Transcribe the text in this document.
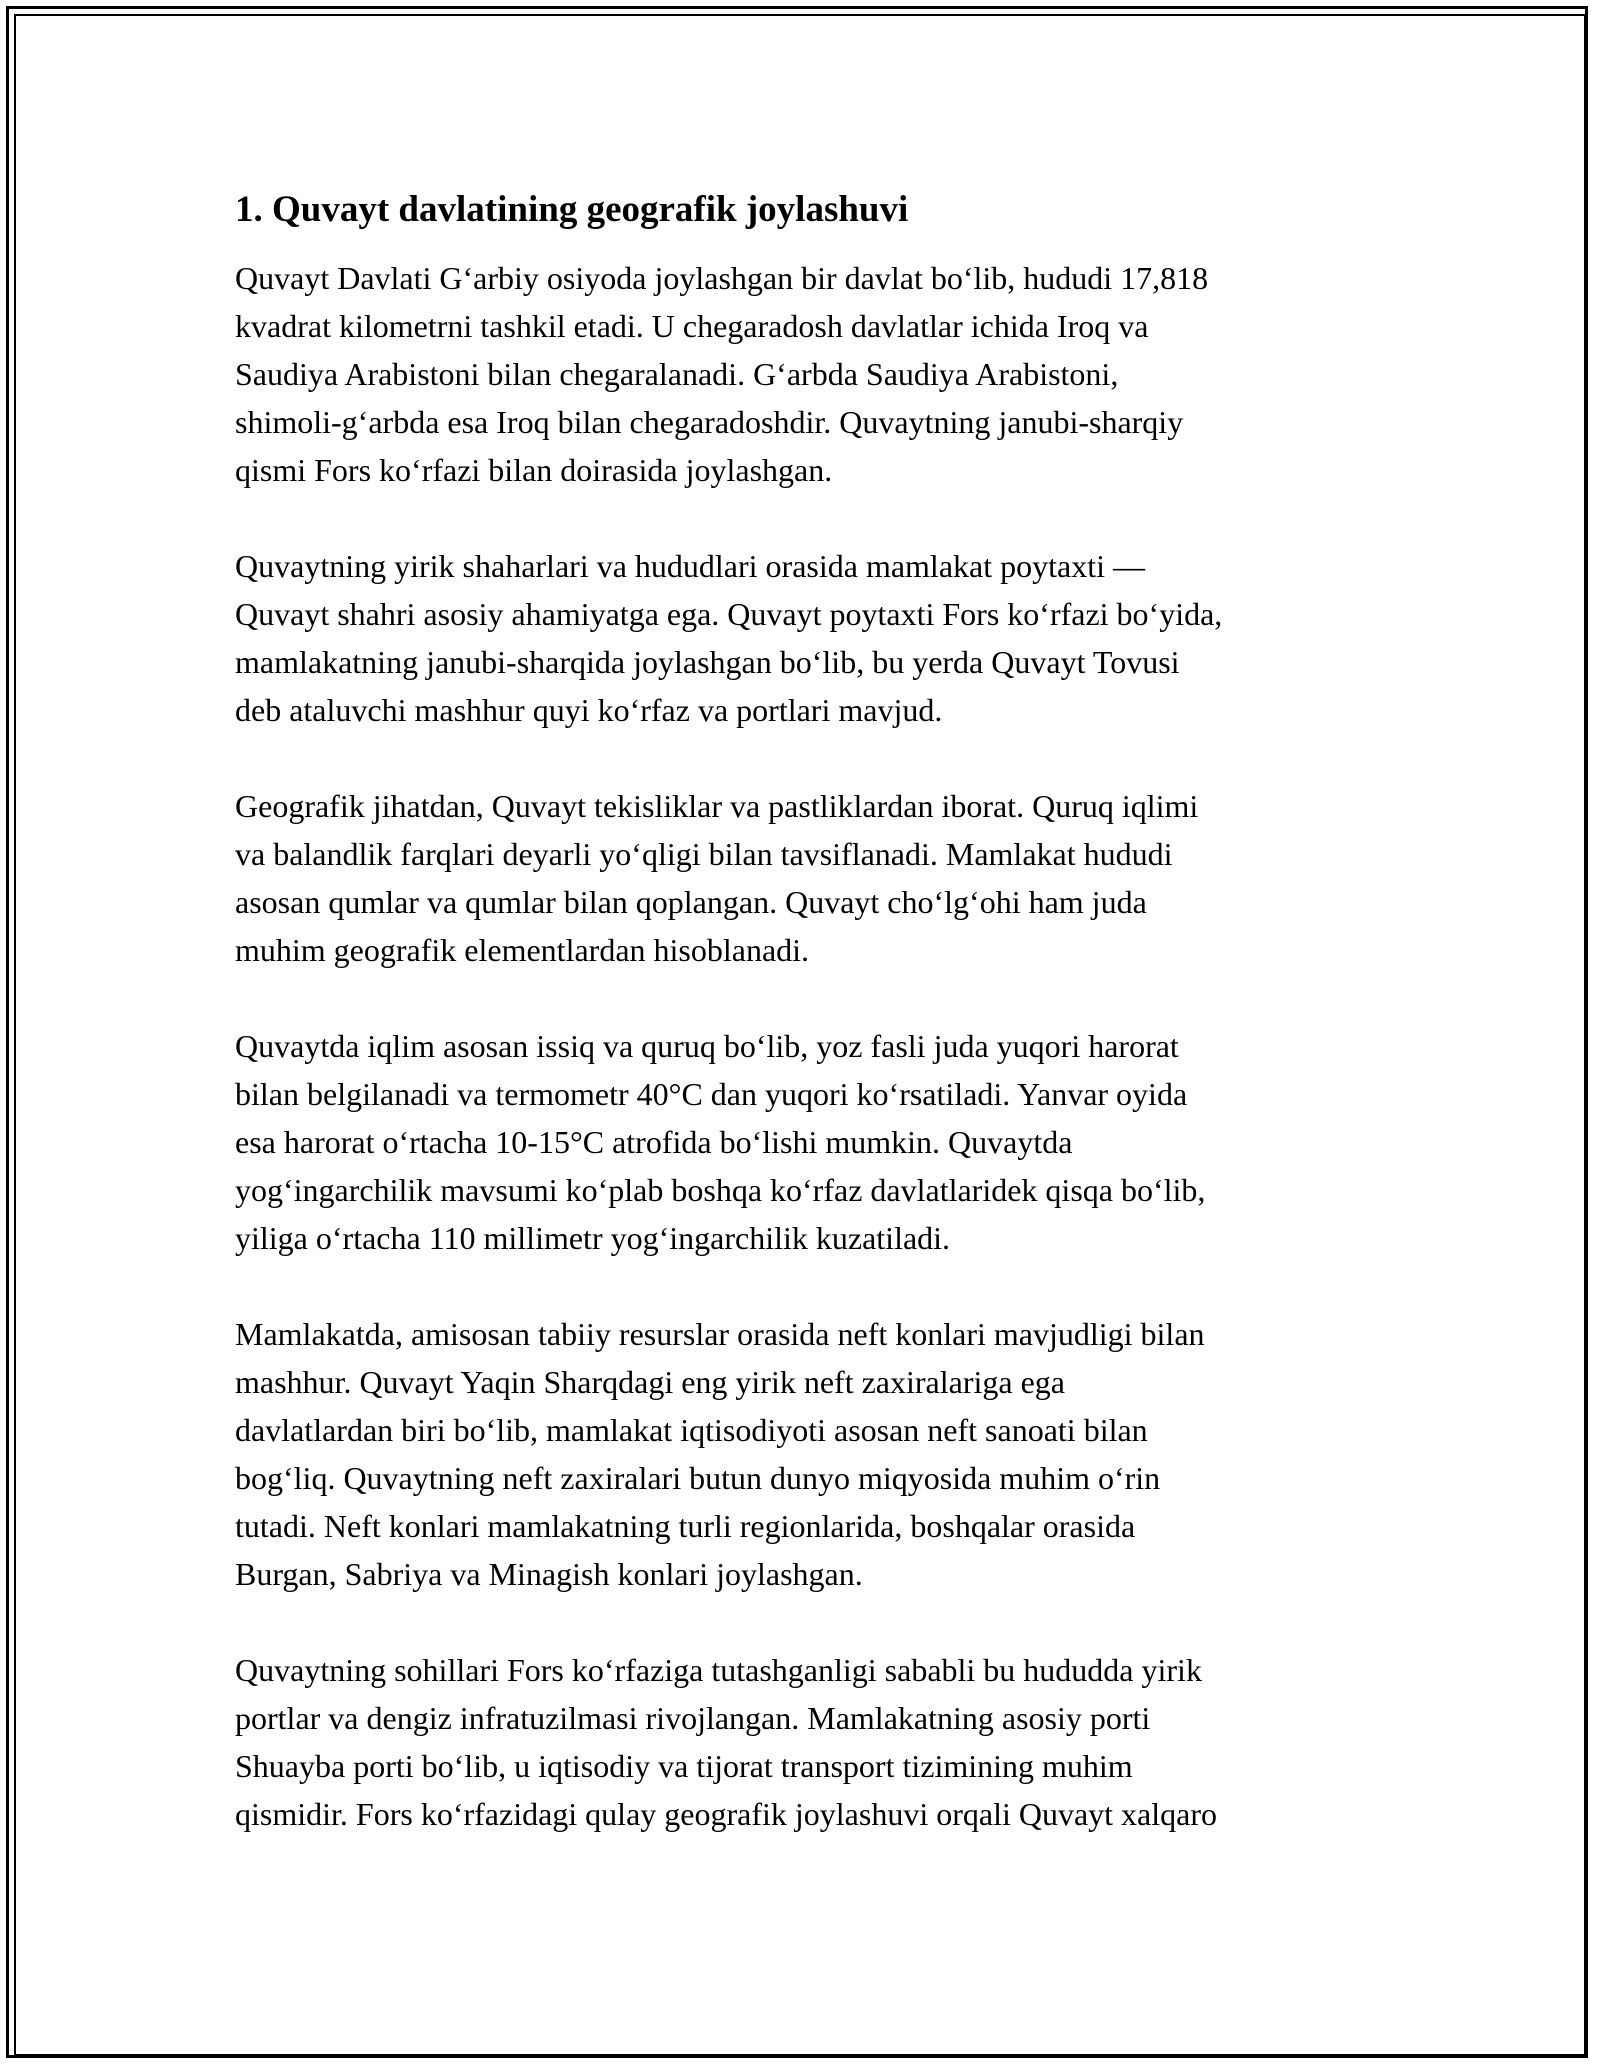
1. Quvayt davlatining geografik joylashuvi

Quvayt Davlati G‘arbiy osiyoda joylashgan bir davlat bo‘lib, hududi 17,818
kvadrat kilometrni tashkil etadi. U chegaradosh davlatlar ichida Iroq va
Saudiya Arabistoni bilan chegaralanadi. G‘arbda Saudiya Arabistoni,
shimoli-g‘arbda esa Iroq bilan chegaradoshdir. Quvaytning janubi-sharqiy
qismi Fors ko‘rfazi bilan doirasida joylashgan.

Quvaytning yirik shaharlari va hududlari orasida mamlakat poytaxti —
Quvayt shahri asosiy ahamiyatga ega. Quvayt poytaxti Fors ko‘rfazi bo‘yida,
mamlakatning janubi-sharqida joylashgan bo‘lib, bu yerda Quvayt Tovusi
deb ataluvchi mashhur quyi ko‘rfaz va portlari mavjud.

Geografik jihatdan, Quvayt tekisliklar va pastliklardan iborat. Quruq iqlimi
va balandlik farqlari deyarli yo‘qligi bilan tavsiflanadi. Mamlakat hududi
asosan qumlar va qumlar bilan qoplangan. Quvayt cho‘lg‘ohi ham juda
muhim geografik elementlardan hisoblanadi.

Quvaytda iqlim asosan issiq va quruq bo‘lib, yoz fasli juda yuqori harorat
bilan belgilanadi va termometr 40°C dan yuqori ko‘rsatiladi. Yanvar oyida
esa harorat o‘rtacha 10-15°C atrofida bo‘lishi mumkin. Quvaytda
yog‘ingarchilik mavsumi ko‘plab boshqa ko‘rfaz davlatlaridek qisqa bo‘lib,
yiliga o‘rtacha 110 millimetr yog‘ingarchilik kuzatiladi.

Mamlakatda, amisosan tabiiy resurslar orasida neft konlari mavjudligi bilan
mashhur. Quvayt Yaqin Sharqdagi eng yirik neft zaxiralariga ega
davlatlardan biri bo‘lib, mamlakat iqtisodiyoti asosan neft sanoati bilan
bog‘liq. Quvaytning neft zaxiralari butun dunyo miqyosida muhim o‘rin
tutadi. Neft konlari mamlakatning turli regionlarida, boshqalar orasida
Burgan, Sabriya va Minagish konlari joylashgan.

Quvaytning sohillari Fors ko‘rfaziga tutashganligi sababli bu hududda yirik
portlar va dengiz infratuzilmasi rivojlangan. Mamlakatning asosiy porti
Shuayba porti bo‘lib, u iqtisodiy va tijorat transport tizimining muhim
qismidir. Fors ko‘rfazidagi qulay geografik joylashuvi orqali Quvayt xalqaro
